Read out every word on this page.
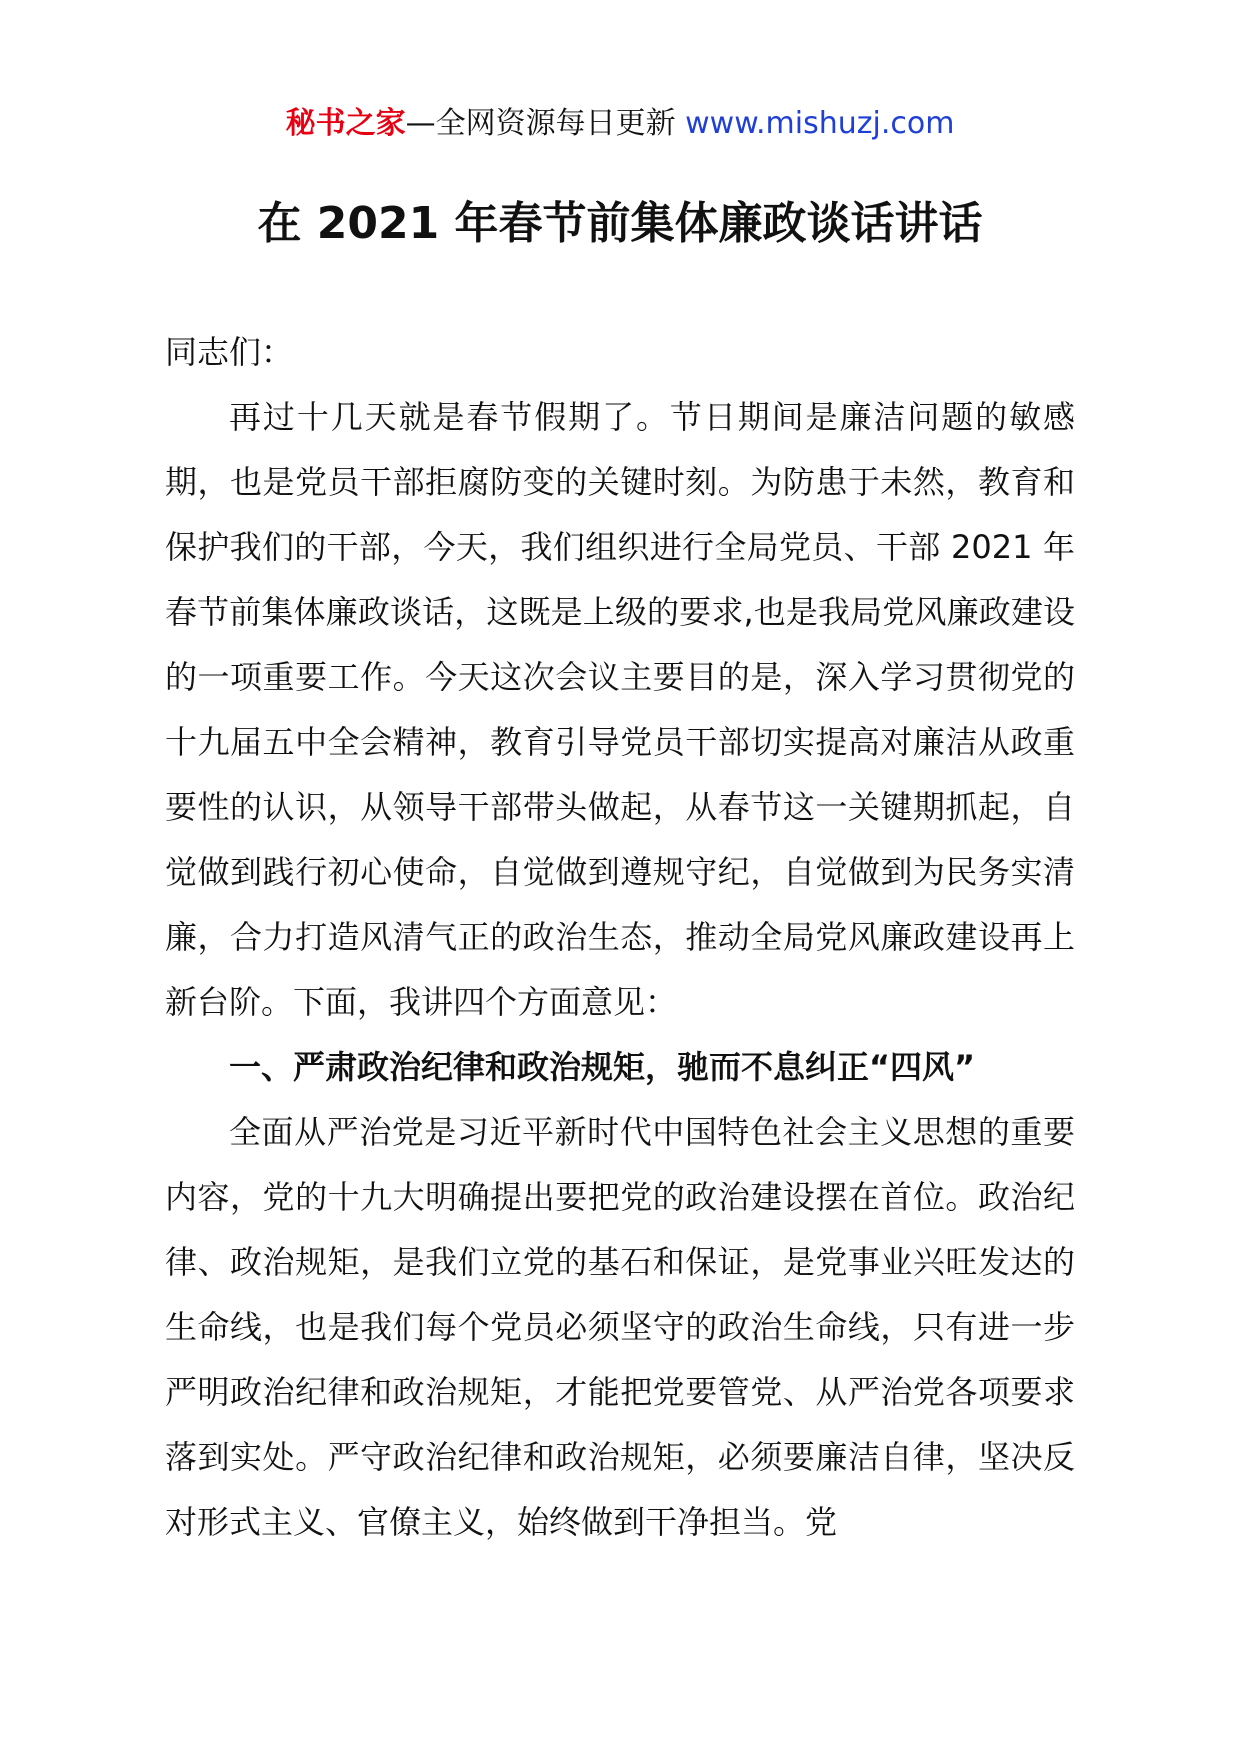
秘书之家—全网资源每日更新 www.mishuzj.com
在 2021 年春节前集体廉政谈话讲话

同志们：

再过十几天就是春节假期了。节日期间是廉洁问题的敏感期，也是党员干部拒腐防变的关键时刻。为防患于未然，教育和保护我们的干部，今天，我们组织进行全局党员、干部 2021 年春节前集体廉政谈话，这既是上级的要求,也是我局党风廉政建设的一项重要工作。今天这次会议主要目的是，深入学习贯彻党的十九届五中全会精神，教育引导党员干部切实提高对廉洁从政重要性的认识，从领导干部带头做起，从春节这一关键期抓起，自觉做到践行初心使命，自觉做到遵规守纪，自觉做到为民务实清廉，合力打造风清气正的政治生态，推动全局党风廉政建设再上新台阶。下面，我讲四个方面意见：

一、严肃政治纪律和政治规矩，驰而不息纠正“四风”

全面从严治党是习近平新时代中国特色社会主义思想的重要内容，党的十九大明确提出要把党的政治建设摆在首位。政治纪律、政治规矩，是我们立党的基石和保证，是党事业兴旺发达的生命线，也是我们每个党员必须坚守的政治生命线，只有进一步严明政治纪律和政治规矩，才能把党要管党、从严治党各项要求落到实处。严守政治纪律和政治规矩，必须要廉洁自律，坚决反对形式主义、官僚主义，始终做到干净担当。党
